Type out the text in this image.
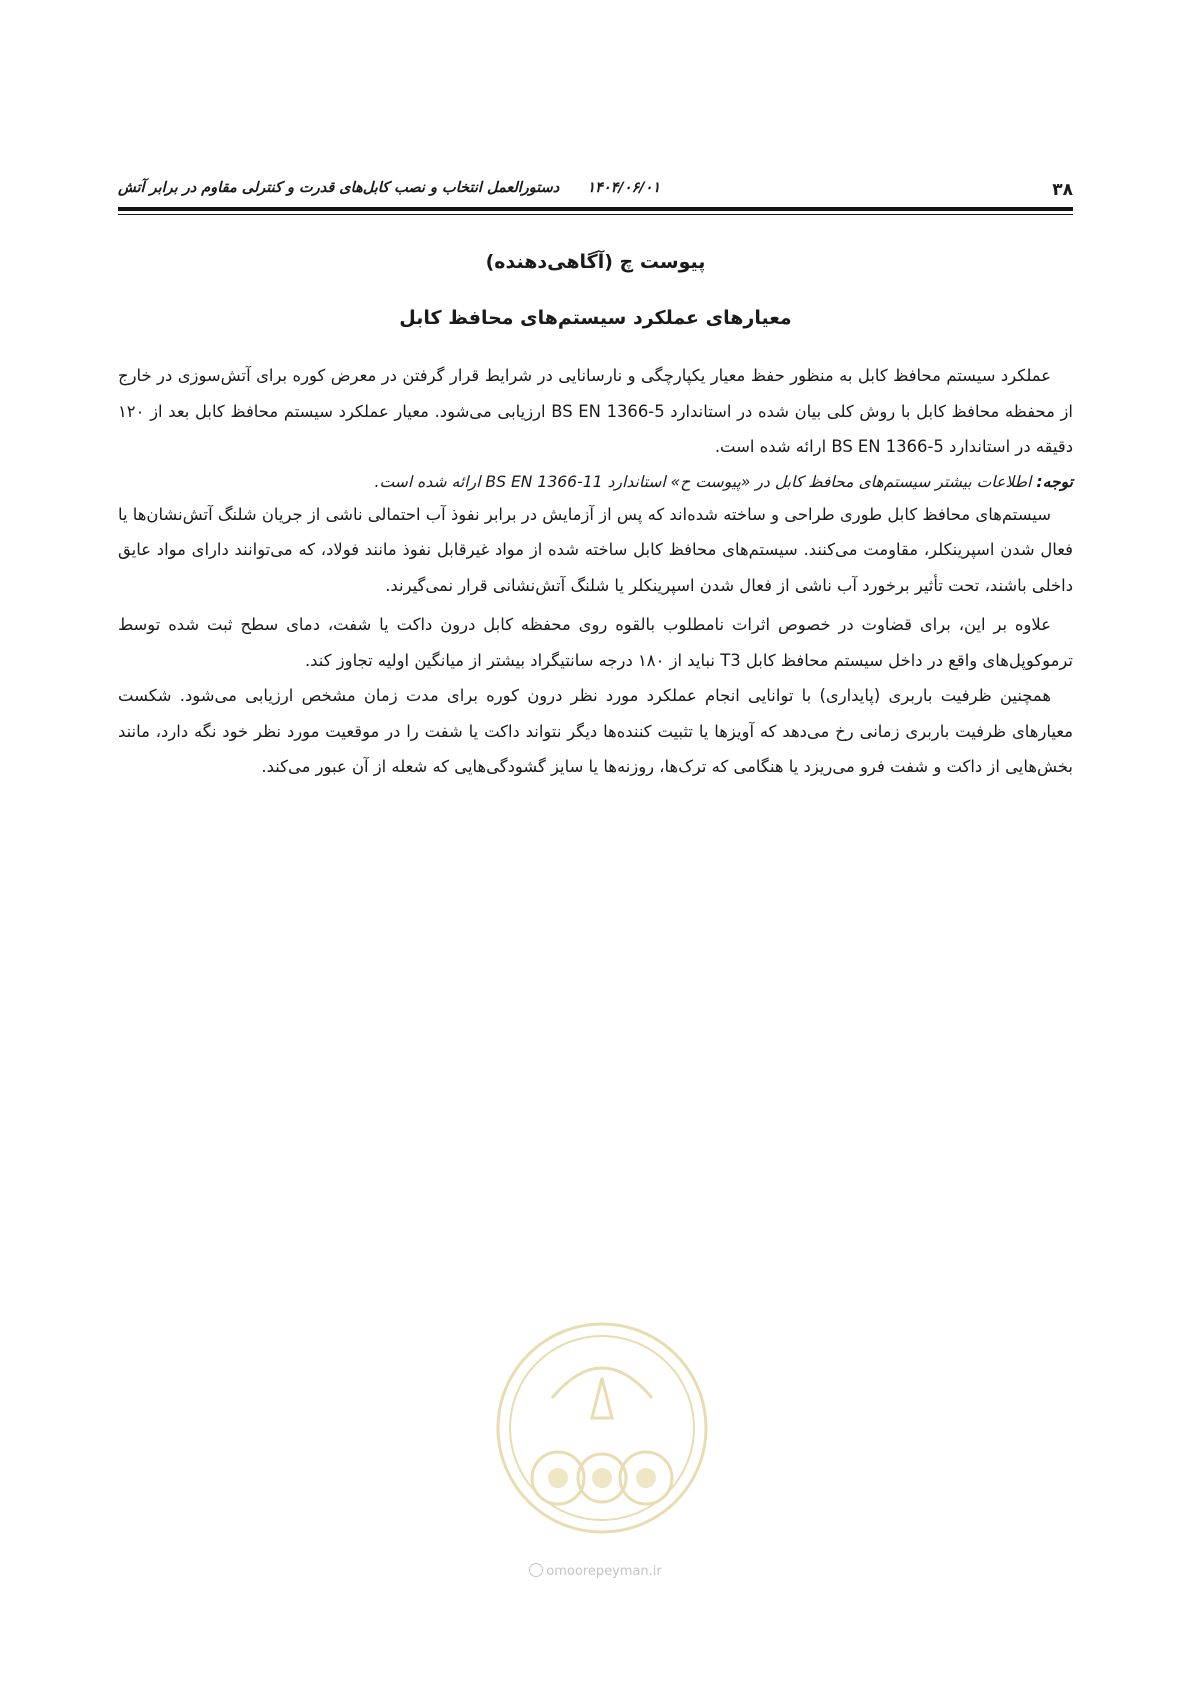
۳۸
۱۴۰۴/۰۶/۰۱دستورالعمل انتخاب و نصب کابل‌های قدرت و کنترلی مقاوم در برابر آتش
پیوست چ (آگاهی‌دهنده)
معیارهای عملکرد سیستم‌های محافظ کابل

عملکرد سیستم محافظ کابل به منظور حفظ معیار یکپارچگی و نارسانایی در شرایط قرار گرفتن در معرض کوره برای آتش‌سوزی در خارج از محفظه محافظ کابل با روش کلی بیان شده در استاندارد BS EN 1366-5 ارزیابی می‌شود. معیار عملکرد سیستم محافظ کابل بعد از ۱۲۰ دقیقه در استاندارد BS EN 1366-5 ارائه شده است.

توجه: اطلاعات بیشتر سیستم‌های محافظ کابل در «پیوست ح» استاندارد BS EN 1366-11 ارائه شده است.

سیستم‌های محافظ کابل طوری طراحی و ساخته شده‌اند که پس از آزمایش در برابر نفوذ آب احتمالی ناشی از جریان شلنگ آتش‌نشان‌ها یا فعال شدن اسپرینکلر، مقاومت می‌کنند. سیستم‌های محافظ کابل ساخته شده از مواد غیرقابل نفوذ مانند فولاد، که می‌توانند دارای مواد عایق داخلی باشند، تحت تأثیر برخورد آب ناشی از فعال شدن اسپرینکلر یا شلنگ آتش‌نشانی قرار نمی‌گیرند.

علاوه بر این، برای قضاوت در خصوص اثرات نامطلوب بالقوه روی محفظه کابل درون داکت یا شفت، دمای سطح ثبت شده توسط ترموکوپل‌های واقع در داخل سیستم محافظ کابل T3 نباید از ۱۸۰ درجه سانتیگراد بیشتر از میانگین اولیه تجاوز کند.

همچنین ظرفیت باربری (پایداری) با توانایی انجام عملکرد مورد نظر درون کوره برای مدت زمان مشخص ارزیابی می‌شود. شکست معیارهای ظرفیت باربری زمانی رخ می‌دهد که آویزها یا تثبیت کننده‌ها دیگر نتواند داکت یا شفت را در موقعیت مورد نظر خود نگه دارد، مانند بخش‌هایی از داکت و شفت فرو می‌ریزد یا هنگامی که ترک‌ها، روزنه‌ها یا سایز گشودگی‌هایی که شعله از آن عبور می‌کند.

omoorepeyman.ir
